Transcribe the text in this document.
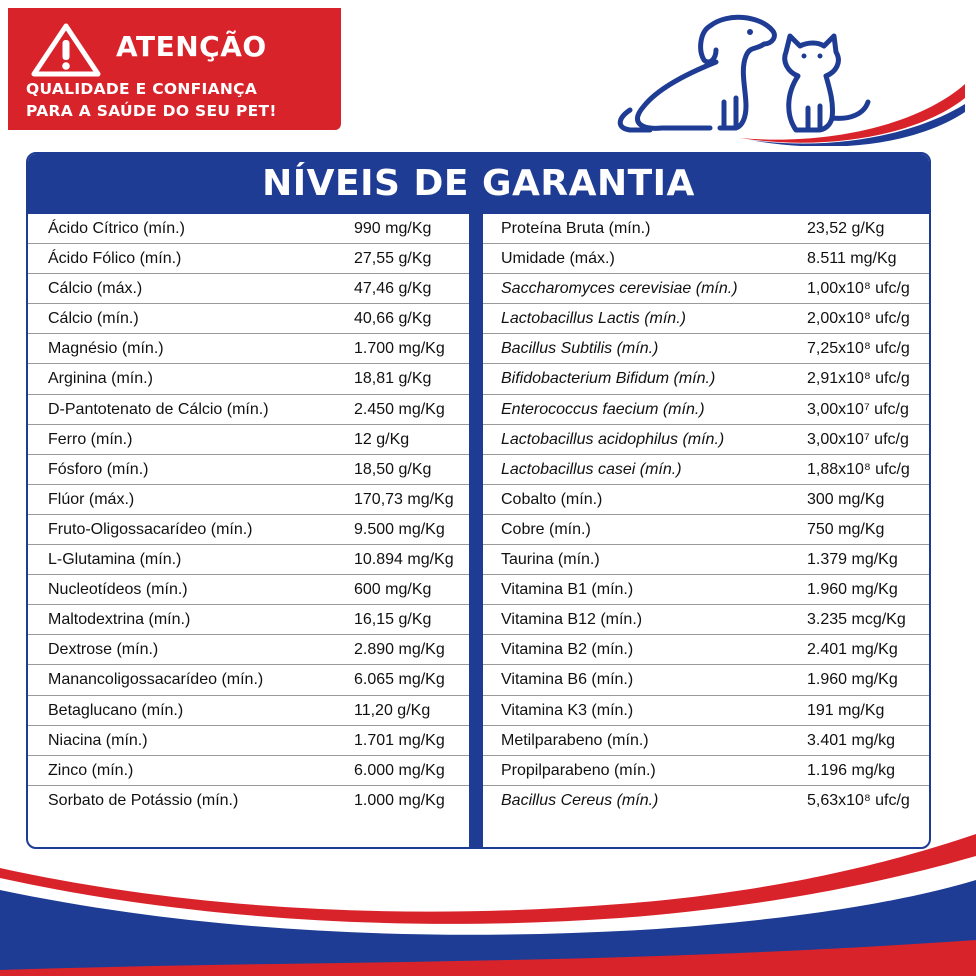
ATENÇÃO
QUALIDADE E CONFIANÇA
PARA A SAÚDE DO SEU PET!
NÍVEIS DE GARANTIA
Ácido Cítrico (mín.)	990 mg/Kg
Ácido Fólico (mín.)	27,55 g/Kg
Cálcio (máx.)	47,46 g/Kg
Cálcio (mín.)	40,66 g/Kg
Magnésio (mín.)	1.700 mg/Kg
Arginina (mín.)	18,81 g/Kg
D-Pantotenato de Cálcio (mín.)	2.450 mg/Kg
Ferro (mín.)	12 g/Kg
Fósforo (mín.)	18,50 g/Kg
Flúor (máx.)	170,73 mg/Kg
Fruto-Oligossacarídeo (mín.)	9.500 mg/Kg
L-Glutamina (mín.)	10.894 mg/Kg
Nucleotídeos (mín.)	600 mg/Kg
Maltodextrina (mín.)	16,15 g/Kg
Dextrose (mín.)	2.890 mg/Kg
Manancoligossacarídeo (mín.)	6.065 mg/Kg
Betaglucano (mín.)	11,20 g/Kg
Niacina (mín.)	1.701 mg/Kg
Zinco (mín.)	6.000 mg/Kg
Sorbato de Potássio (mín.)	1.000 mg/Kg
Proteína Bruta (mín.)	23,52 g/Kg
Umidade (máx.)	8.511 mg/Kg
Saccharomyces cerevisiae (mín.)	1,00x10⁸ ufc/g
Lactobacillus Lactis (mín.)	2,00x10⁸ ufc/g
Bacillus Subtilis (mín.)	7,25x10⁸ ufc/g
Bifidobacterium Bifidum (mín.)	2,91x10⁸ ufc/g
Enterococcus faecium (mín.)	3,00x10⁷ ufc/g
Lactobacillus acidophilus (mín.)	3,00x10⁷ ufc/g
Lactobacillus casei (mín.)	1,88x10⁸ ufc/g
Cobalto (mín.)	300 mg/Kg
Cobre (mín.)	750 mg/Kg
Taurina (mín.)	1.379 mg/Kg
Vitamina B1 (mín.)	1.960 mg/Kg
Vitamina B12 (mín.)	3.235 mcg/Kg
Vitamina B2 (mín.)	2.401 mg/Kg
Vitamina B6 (mín.)	1.960 mg/Kg
Vitamina K3 (mín.)	191 mg/Kg
Metilparabeno (mín.)	3.401 mg/kg
Propilparabeno (mín.)	1.196 mg/kg
Bacillus Cereus (mín.)	5,63x10⁸ ufc/g
